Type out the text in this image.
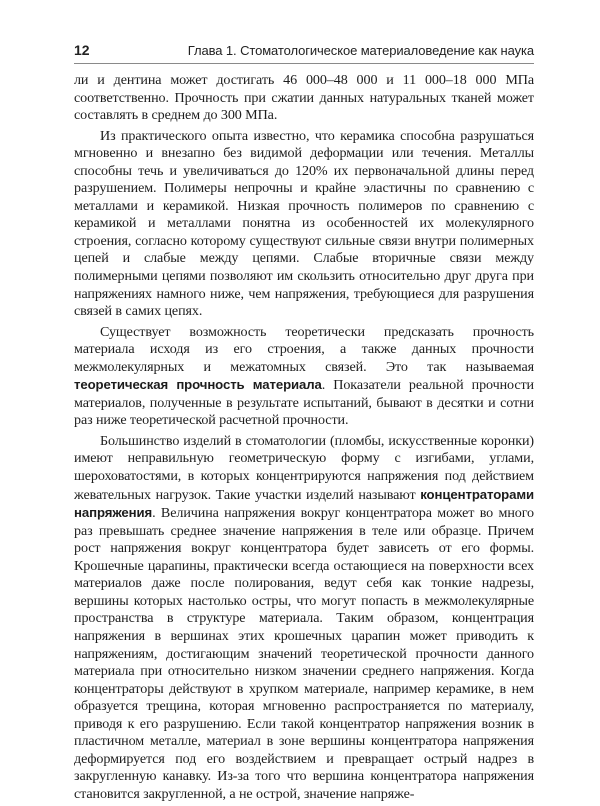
12	Глава 1. Стоматологическое материаловедение как наука

ли и дентина может достигать 46 000–48 000 и 11 000–18 000 МПа соответственно. Прочность при сжатии данных натуральных тканей может составлять в среднем до 300 МПа.

Из практического опыта известно, что керамика способна разрушаться мгновенно и внезапно без видимой деформации или течения. Металлы способны течь и увеличиваться до 120% их первоначальной длины перед разрушением. Полимеры непрочны и крайне эластичны по сравнению с металлами и керамикой. Низкая прочность полимеров по сравнению с керамикой и металлами понятна из особенностей их молекулярного строения, согласно которому существуют сильные связи внутри полимерных цепей и слабые между цепями. Слабые вторичные связи между полимерными цепями позволяют им скользить относительно друг друга при напряжениях намного ниже, чем напряжения, требующиеся для разрушения связей в самих цепях.

Существует возможность теоретически предсказать прочность материала исходя из его строения, а также данных прочности межмолекулярных и межатомных связей. Это так называемая теоретическая прочность материала. Показатели реальной прочности материалов, полученные в результате испытаний, бывают в десятки и сотни раз ниже теоретической расчетной прочности.

Большинство изделий в стоматологии (пломбы, искусственные коронки) имеют неправильную геометрическую форму с изгибами, углами, шероховатостями, в которых концентрируются напряжения под действием жевательных нагрузок. Такие участки изделий называют концентраторами напряжения. Величина напряжения вокруг концентратора может во много раз превышать среднее значение напряжения в теле или образце. Причем рост напряжения вокруг концентратора будет зависеть от его формы. Крошечные царапины, практически всегда остающиеся на поверхности всех материалов даже после полирования, ведут себя как тонкие надрезы, вершины которых настолько остры, что могут попасть в межмолекулярные пространства в структуре материала. Таким образом, концентрация напряжения в вершинах этих крошечных царапин может приводить к напряжениям, достигающим значений теоретической прочности данного материала при относительно низком значении среднего напряжения. Когда концентраторы действуют в хрупком материале, например керамике, в нем образуется трещина, которая мгновенно распространяется по материалу, приводя к его разрушению. Если такой концентратор напряжения возник в пластичном металле, материал в зоне вершины концентратора напряжения деформируется под его воздействием и превращает острый надрез в закругленную канавку. Из-за того что вершина концентратора напряжения становится закругленной, а не острой, значение напряже-
